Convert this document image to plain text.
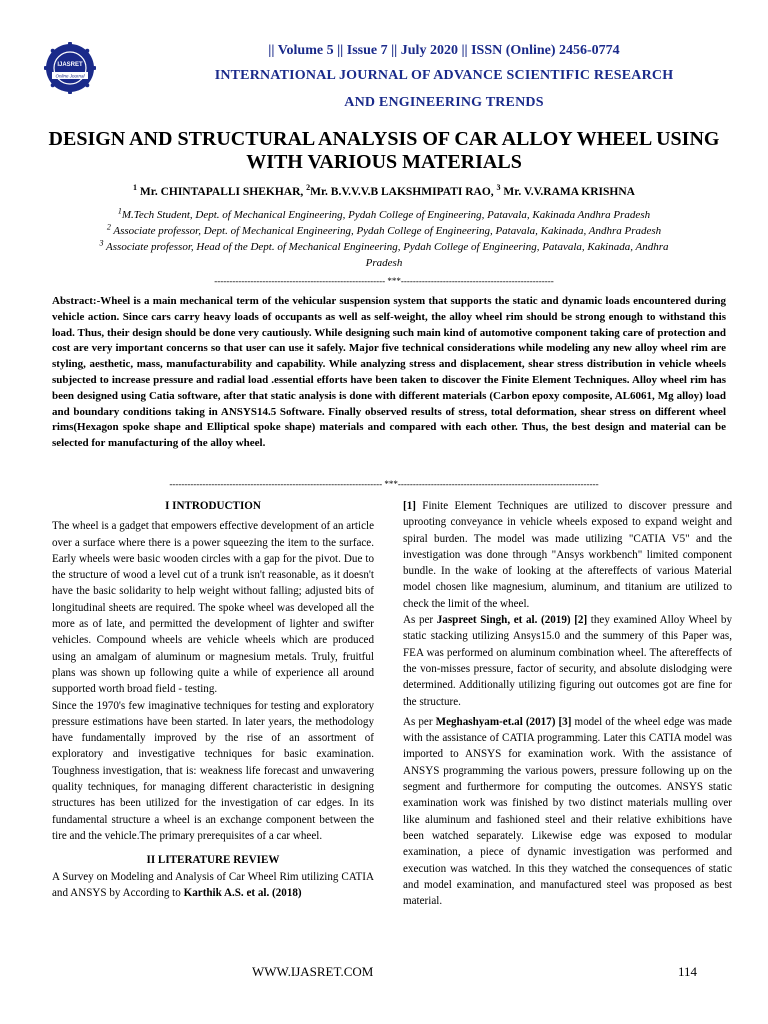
IJASRET
Online Journal
|| Volume 5 || Issue 7 || July 2020 || ISSN (Online) 2456-0774
INTERNATIONAL JOURNAL OF ADVANCE SCIENTIFIC RESEARCH
AND ENGINEERING TRENDS
DESIGN AND STRUCTURAL ANALYSIS OF CAR ALLOY WHEEL USING WITH VARIOUS MATERIALS
$^1$ Mr. CHINTAPALLI SHEKHAR, $^2$Mr. B.V.V.V.B LAKSHMIPATI RAO, $^3$ Mr. V.V.RAMA KRISHNA
$^1$M.Tech Student, Dept. of Mechanical Engineering, Pydah College of Engineering, Patavala, Kakinada Andhra Pradesh
$^2$ Associate professor, Dept. of Mechanical Engineering, Pydah College of Engineering, Patavala, Kakinada, Andhra Pradesh
$^3$ Associate professor, Head of the Dept. of Mechanical Engineering, Pydah College of Engineering, Patavala, Kakinada, Andhra Pradesh
--------------------------------------------------------- ***---------------------------------------------------
Abstract:-Wheel is a main mechanical term of the vehicular suspension system that supports the static and dynamic loads encountered during vehicle action. Since cars carry heavy loads of occupants as well as self-weight, the alloy wheel rim should be strong enough to withstand this load. Thus, their design should be done very cautiously. While designing such main kind of automotive component taking care of protection and cost are very important concerns so that user can use it safely. Major five technical considerations while modeling any new alloy wheel rim are styling, aesthetic, mass, manufacturability and capability. While analyzing stress and displacement, shear stress distribution in vehicle wheels subjected to increase pressure and radial load .essential efforts have been taken to discover the Finite Element Techniques. Alloy wheel rim has been designed using Catia software, after that static analysis is done with different materials (Carbon epoxy composite, AL6061, Mg alloy) load and boundary conditions taking in ANSYS14.5 Software. Finally observed results of stress, total deformation, shear stress on different wheel rims(Hexagon spoke shape and Elliptical spoke shape) materials and compared with each other. Thus, the best design and material can be selected for manufacturing of the alloy wheel.
----------------------------------------------------------------------- ***-------------------------------------------------------------------

I INTRODUCTION

The wheel is a gadget that empowers effective development of an article over a surface where there is a power squeezing the item to the surface. Early wheels were basic wooden circles with a gap for the pivot. Due to the structure of wood a level cut of a trunk isn't reasonable, as it doesn't have the basic solidarity to help weight without falling; adjusted bits of longitudinal sheets are required. The spoke wheel was developed all the more as of late, and permitted the development of lighter and swifter vehicles. Compound wheels are vehicle wheels which are produced using an amalgam of aluminum or magnesium metals. Truly, fruitful plans was shown up following quite a while of experience all around supported worth broad field - testing.

Since the 1970's few imaginative techniques for testing and exploratory pressure estimations have been started. In later years, the methodology have fundamentally improved by the rise of an assortment of exploratory and investigative techniques for basic examination. Toughness investigation, that is: weakness life forecast and unwavering quality techniques, for managing different characteristic in designing structures has been utilized for the investigation of car edges. In its fundamental structure a wheel is an exchange component between the tire and the vehicle.The primary prerequisites of a car wheel.

II LITERATURE REVIEW

A Survey on Modeling and Analysis of Car Wheel Rim utilizing CATIA and ANSYS by According to Karthik A.S. et al. (2018)

[1] Finite Element Techniques are utilized to discover pressure and uprooting conveyance in vehicle wheels exposed to expand weight and spiral burden. The model was made utilizing "CATIA V5" and the investigation was done through "Ansys workbench" limited component bundle. In the wake of looking at the aftereffects of various Material model chosen like magnesium, aluminum, and titanium are utilized to check the limit of the wheel.

As per Jaspreet Singh, et al. (2019) [2] they examined Alloy Wheel by static stacking utilizing Ansys15.0 and the summery of this Paper was, FEA was performed on aluminum combination wheel. The aftereffects of the von-misses pressure, factor of security, and absolute dislodging were determined. Additionally utilizing figuring out outcomes got are fine for the structure.

As per Meghashyam-et.al (2017) [3] model of the wheel edge was made with the assistance of CATIA programming. Later this CATIA model was imported to ANSYS for examination work. With the assistance of ANSYS programming the various powers, pressure following up on the segment and furthermore for computing the outcomes. ANSYS static examination work was finished by two distinct materials mulling over like aluminum and fashioned steel and their relative exhibitions have been watched separately. Likewise edge was exposed to modular examination, a piece of dynamic investigation was performed and execution was watched. In this they watched the consequences of static and model examination, and manufactured steel was proposed as best material.

WWW.IJASRET.COM	114
